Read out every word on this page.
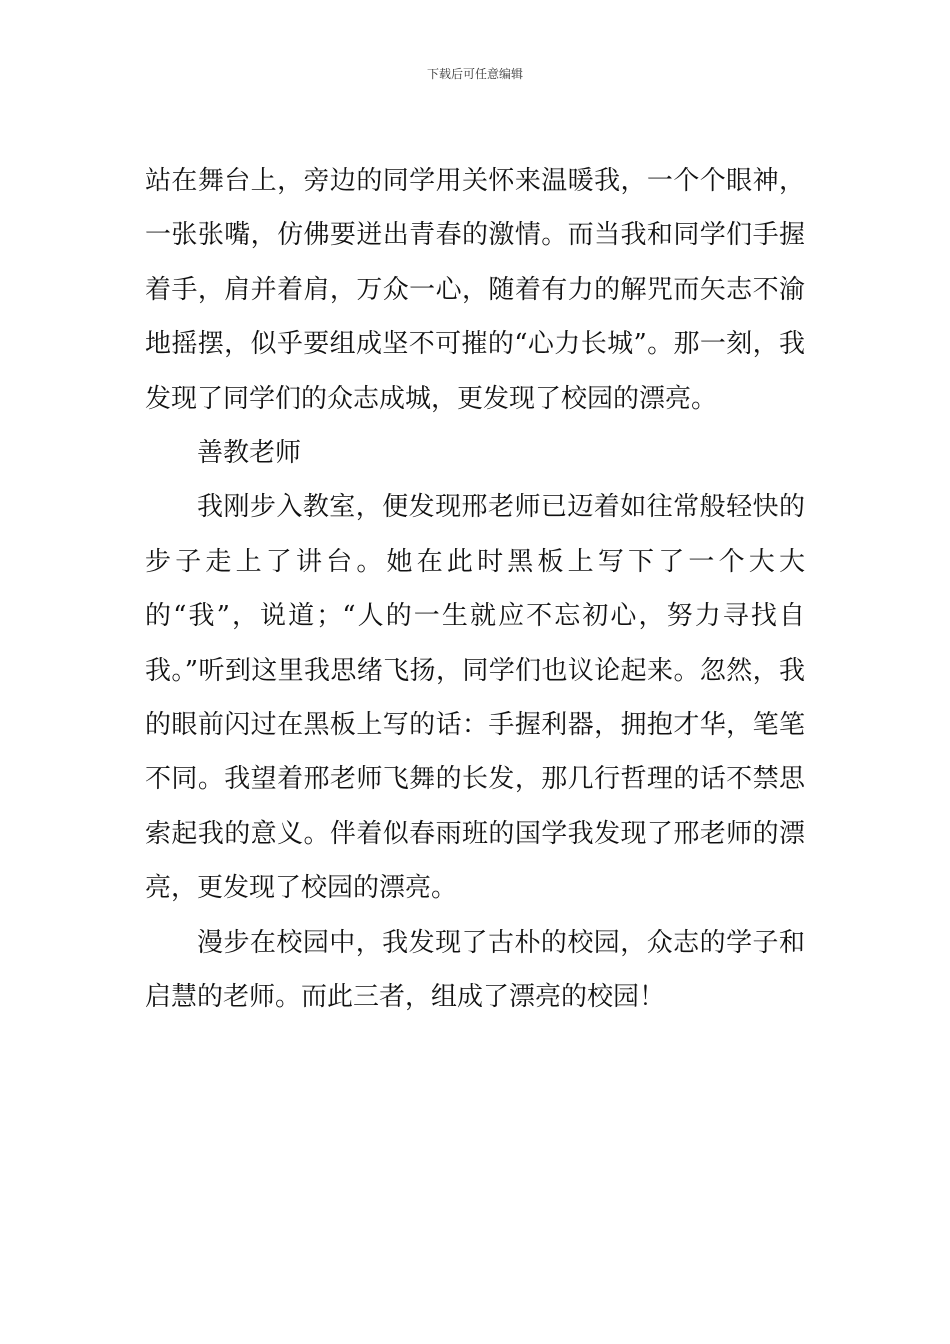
下载后可任意编辑

站在舞台上，旁边的同学用关怀来温暖我，一个个眼神，一张张嘴，仿佛要迸出青春的激情。而当我和同学们手握着手，肩并着肩，万众一心，随着有力的解咒而矢志不渝地摇摆，似乎要组成坚不可摧的“心力长城”。那一刻，我发现了同学们的众志成城，更发现了校园的漂亮。

善教老师

我刚步入教室，便发现邢老师已迈着如往常般轻快的步子走上了讲台。她在此时黑板上写下了一个大大的“我”，说道；“人的一生就应不忘初心，努力寻找自我。”听到这里我思绪飞扬，同学们也议论起来。忽然，我的眼前闪过在黑板上写的话：手握利器，拥抱才华，笔笔不同。我望着邢老师飞舞的长发，那几行哲理的话不禁思索起我的意义。伴着似春雨班的国学我发现了邢老师的漂亮，更发现了校园的漂亮。

漫步在校园中，我发现了古朴的校园，众志的学子和启慧的老师。而此三者，组成了漂亮的校园！
